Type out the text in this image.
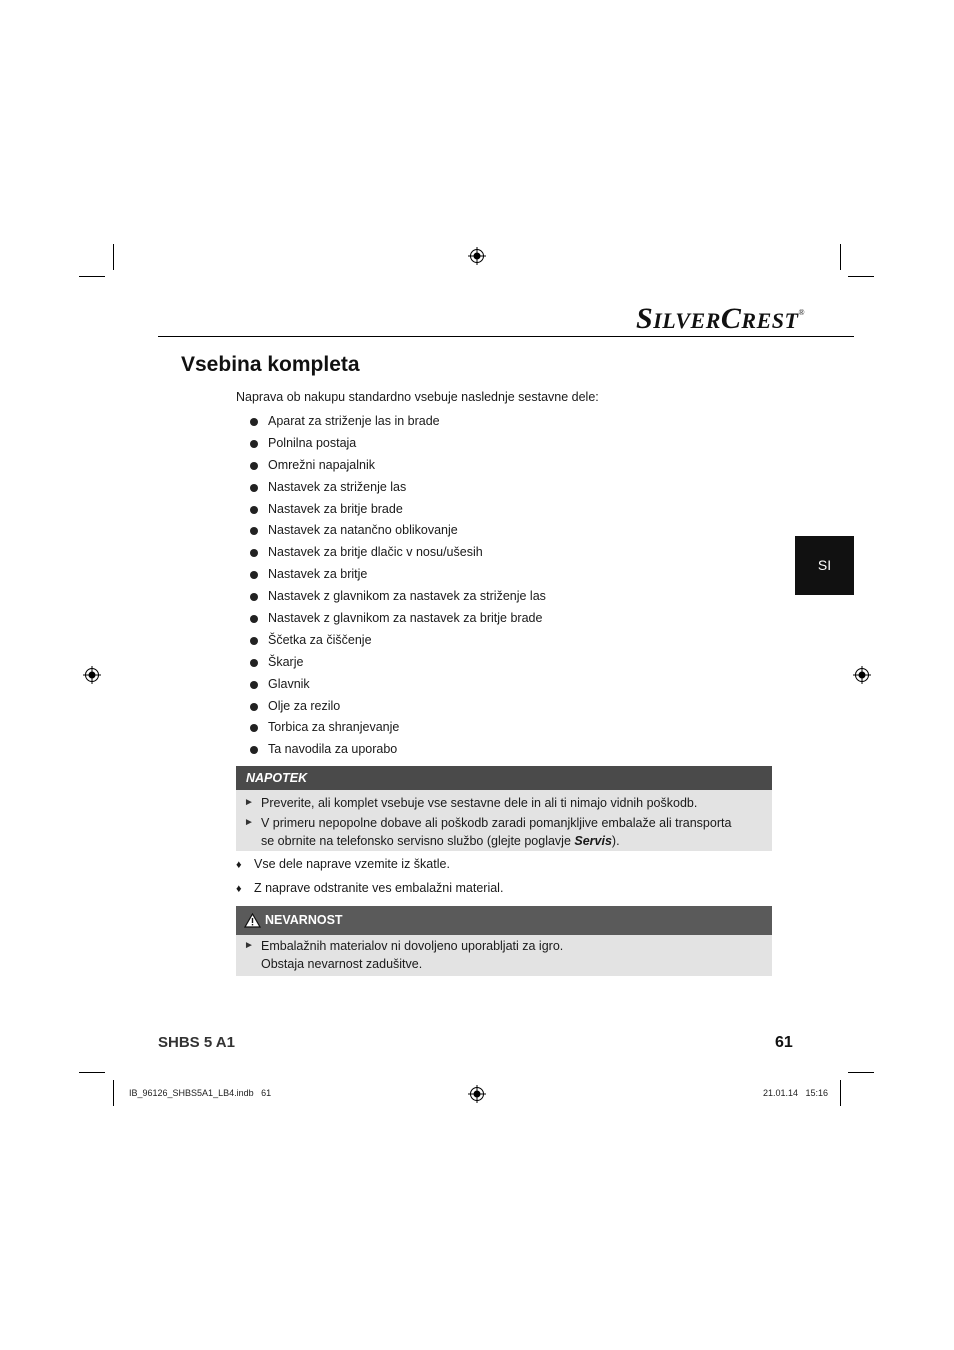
SILVERCREST®
Vsebina kompleta
Naprava ob nakupu standardno vsebuje naslednje sestavne dele:
Aparat za striženje las in brade
Polnilna postaja
Omrežni napajalnik
Nastavek za striženje las
Nastavek za britje brade
Nastavek za natančno oblikovanje
Nastavek za britje dlačic v nosu/ušesih
Nastavek za britje
Nastavek z glavnikom za nastavek za striženje las
Nastavek z glavnikom za nastavek za britje brade
Ščetka za čiščenje
Škarje
Glavnik
Olje za rezilo
Torbica za shranjevanje
Ta navodila za uporabo
NAPOTEK
► Preverite, ali komplet vsebuje vse sestavne dele in ali ti nimajo vidnih poškodb.
► V primeru nepopolne dobave ali poškodb zaradi pomanjkljive embalaže ali transporta
se obrnite na telefonsko servisno službo (glejte poglavje Servis).
♦ Vse dele naprave vzemite iz škatle.
♦ Z naprave odstranite ves embalažni material.
NEVARNOST
► Embalažnih materialov ni dovoljeno uporabljati za igro.
Obstaja nevarnost zadušitve.
SI
SHBS 5 A1	61
IB_96126_SHBS5A1_LB4.indb   61	21.01.14   15:16
